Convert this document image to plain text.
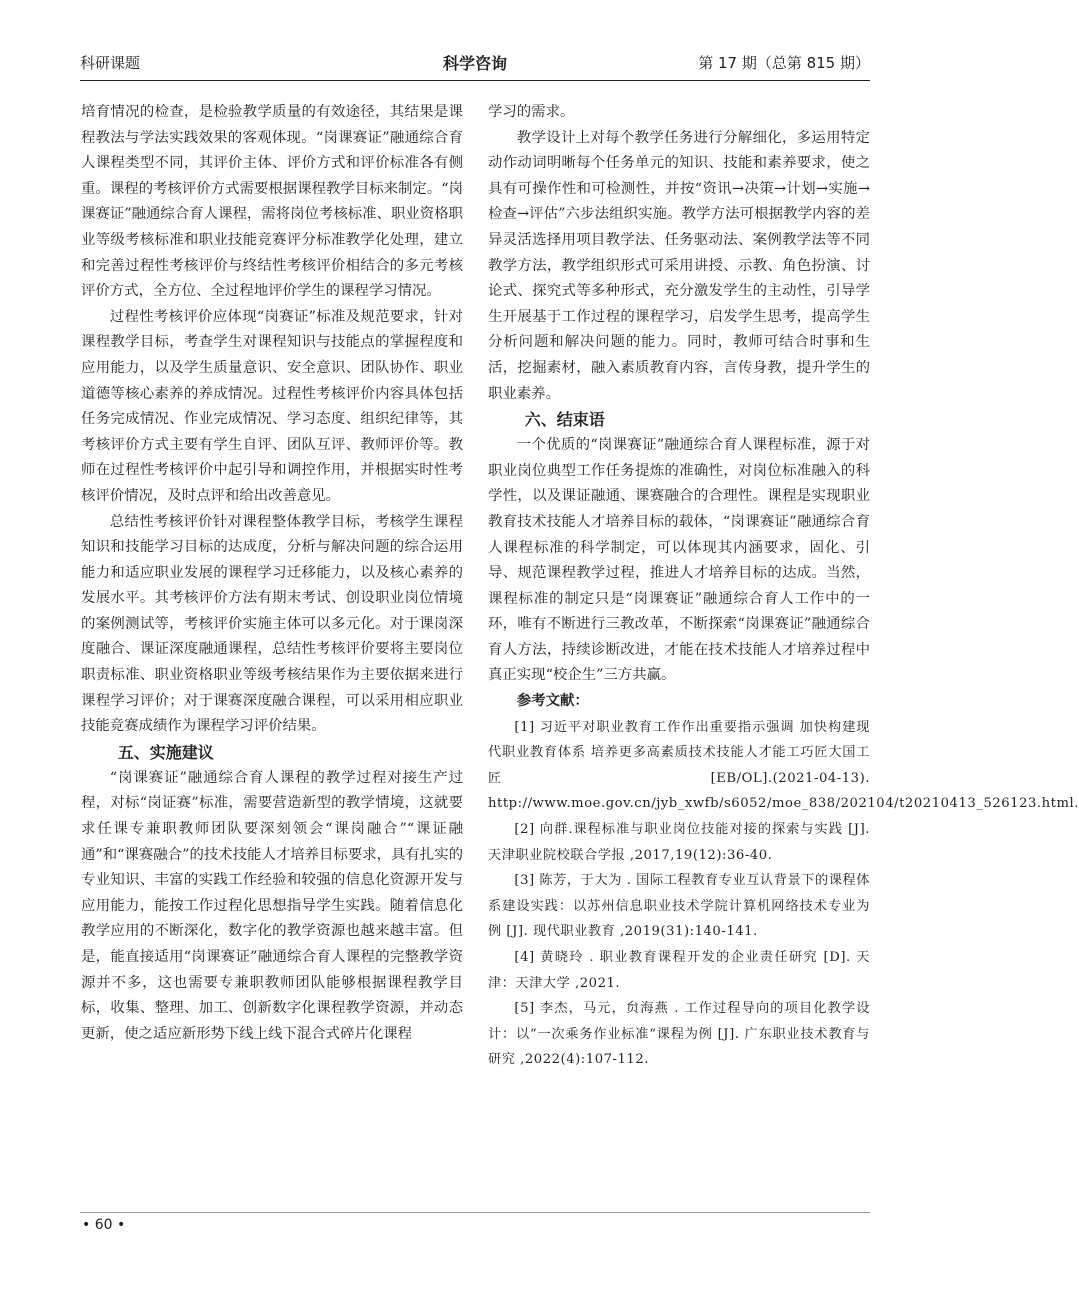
科研课题	科学咨询	第 17 期（总第 815 期）

培育情况的检查，是检验教学质量的有效途径，其结果是课程教法与学法实践效果的客观体现。“岗课赛证”融通综合育人课程类型不同，其评价主体、评价方式和评价标准各有侧重。课程的考核评价方式需要根据课程教学目标来制定。“岗课赛证”融通综合育人课程，需将岗位考核标准、职业资格职业等级考核标准和职业技能竞赛评分标准教学化处理，建立和完善过程性考核评价与终结性考核评价相结合的多元考核评价方式，全方位、全过程地评价学生的课程学习情况。

过程性考核评价应体现“岗赛证”标准及规范要求，针对课程教学目标，考查学生对课程知识与技能点的掌握程度和应用能力，以及学生质量意识、安全意识、团队协作、职业道德等核心素养的养成情况。过程性考核评价内容具体包括任务完成情况、作业完成情况、学习态度、组织纪律等，其考核评价方式主要有学生自评、团队互评、教师评价等。教师在过程性考核评价中起引导和调控作用，并根据实时性考核评价情况，及时点评和给出改善意见。

总结性考核评价针对课程整体教学目标，考核学生课程知识和技能学习目标的达成度，分析与解决问题的综合运用能力和适应职业发展的课程学习迁移能力，以及核心素养的发展水平。其考核评价方法有期末考试、创设职业岗位情境的案例测试等，考核评价实施主体可以多元化。对于课岗深度融合、课证深度融通课程，总结性考核评价要将主要岗位职责标准、职业资格职业等级考核结果作为主要依据来进行课程学习评价；对于课赛深度融合课程，可以采用相应职业技能竞赛成绩作为课程学习评价结果。

五、实施建议

“岗课赛证”融通综合育人课程的教学过程对接生产过程，对标“岗证赛”标准，需要营造新型的教学情境，这就要求任课专兼职教师团队要深刻领会“课岗融合”“课证融通”和“课赛融合”的技术技能人才培养目标要求，具有扎实的专业知识、丰富的实践工作经验和较强的信息化资源开发与应用能力，能按工作过程化思想指导学生实践。随着信息化教学应用的不断深化，数字化的教学资源也越来越丰富。但是，能直接适用“岗课赛证”融通综合育人课程的完整教学资源并不多，这也需要专兼职教师团队能够根据课程教学目标，收集、整理、加工、创新数字化课程教学资源，并动态更新，使之适应新形势下线上线下混合式碎片化课程

学习的需求。

教学设计上对每个教学任务进行分解细化，多运用特定动作动词明晰每个任务单元的知识、技能和素养要求，使之具有可操作性和可检测性，并按“资讯→决策→计划→实施→检查→评估”六步法组织实施。教学方法可根据教学内容的差异灵活选择用项目教学法、任务驱动法、案例教学法等不同教学方法，教学组织形式可采用讲授、示教、角色扮演、讨论式、探究式等多种形式，充分激发学生的主动性，引导学生开展基于工作过程的课程学习，启发学生思考，提高学生分析问题和解决问题的能力。同时，教师可结合时事和生活，挖掘素材，融入素质教育内容，言传身教，提升学生的职业素养。

六、结束语

一个优质的“岗课赛证”融通综合育人课程标准，源于对职业岗位典型工作任务提炼的准确性，对岗位标准融入的科学性，以及课证融通、课赛融合的合理性。课程是实现职业教育技术技能人才培养目标的载体，“岗课赛证”融通综合育人课程标准的科学制定，可以体现其内涵要求，固化、引导、规范课程教学过程，推进人才培养目标的达成。当然，课程标准的制定只是“岗课赛证”融通综合育人工作中的一环，唯有不断进行三教改革，不断探索“岗课赛证”融通综合育人方法，持续诊断改进，才能在技术技能人才培养过程中真正实现“校企生”三方共赢。

参考文献：

[1] 习近平对职业教育工作作出重要指示强调 加快构建现代职业教育体系 培养更多高素质技术技能人才能工巧匠大国工匠 [EB/OL].(2021-04-13). http://www.moe.gov.cn/jyb_xwfb/s6052/moe_838/202104/t20210413_526123.html.

[2] 向群.课程标准与职业岗位技能对接的探索与实践 [J]. 天津职业院校联合学报 ,2017,19(12):36-40.

[3] 陈芳，于大为 . 国际工程教育专业互认背景下的课程体系建设实践：以苏州信息职业技术学院计算机网络技术专业为例 [J]. 现代职业教育 ,2019(31):140-141.

[4] 黄晓玲 . 职业教育课程开发的企业责任研究 [D]. 天津：天津大学 ,2021.

[5] 李杰，马元，贠海燕 . 工作过程导向的项目化教学设计：以“一次乘务作业标准“课程为例 [J]. 广东职业技术教育与研究 ,2022(4):107-112.

• 60 •
